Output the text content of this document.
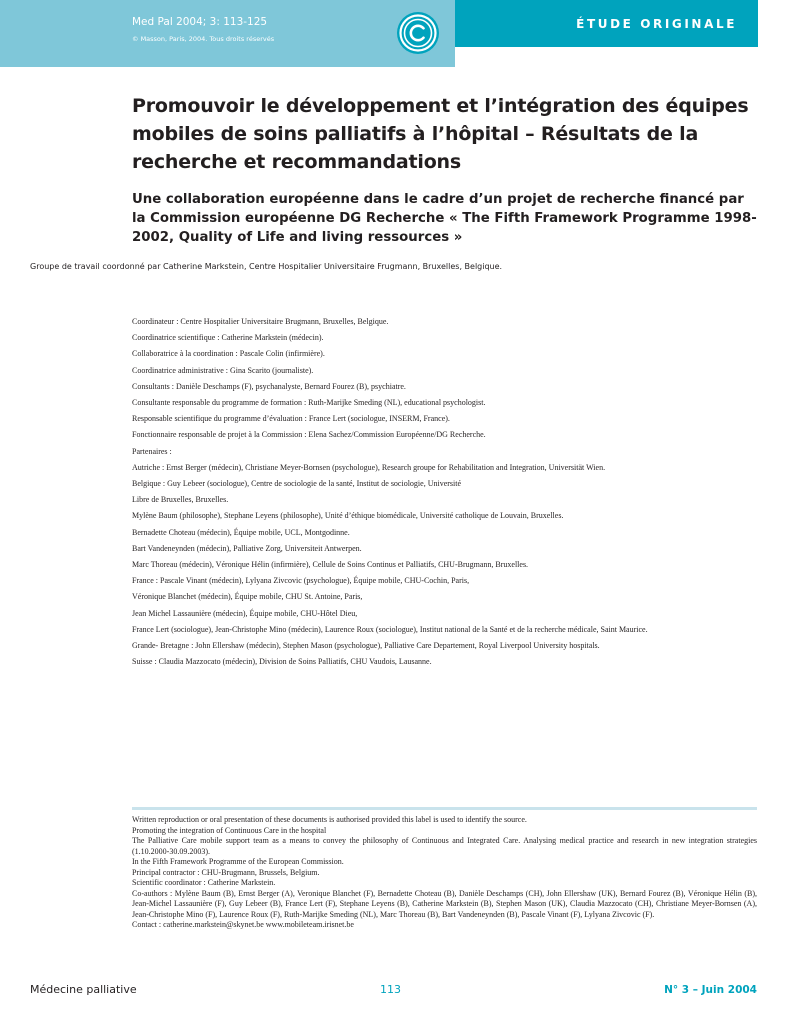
Med Pal 2004; 3: 113-125
© Masson, Paris, 2004. Tous droits réservés
ÉTUDE ORIGINALE
Promouvoir le développement et l’intégration des équipes mobiles de soins palliatifs à l’hôpital – Résultats de la recherche et recommandations
Une collaboration européenne dans le cadre d’un projet de recherche financé par la Commission européenne DG Recherche « The Fifth Framework Programme 1998-2002, Quality of Life and living ressources »
Groupe de travail coordonné par Catherine Markstein, Centre Hospitalier Universitaire Frugmann, Bruxelles, Belgique.
Coordinateur : Centre Hospitalier Universitaire Brugmann, Bruxelles, Belgique.
Coordinatrice scientifique : Catherine Markstein (médecin).
Collaboratrice à la coordination : Pascale Colin (infirmière).
Coordinatrice administrative : Gina Scarito (journaliste).
Consultants : Danièle Deschamps (F), psychanalyste, Bernard Fourez (B), psychiatre.
Consultante responsable du programme de formation : Ruth-Marijke Smeding (NL), educational psychologist.
Responsable scientifique du programme d’évaluation : France Lert (sociologue, INSERM, France).
Fonctionnaire responsable de projet à la Commission : Elena Sachez/Commission Européenne/DG Recherche.
Partenaires :
Autriche : Ernst Berger (médecin), Christiane Meyer-Bornsen (psychologue), Research groupe for Rehabilitation and Integration, Universität Wien.
Belgique : Guy Lebeer (sociologue), Centre de sociologie de la santé, Institut de sociologie, Université
Libre de Bruxelles, Bruxelles.
Mylène Baum (philosophe), Stephane Leyens (philosophe), Unité d’éthique biomédicale, Université catholique de Louvain, Bruxelles.
Bernadette Choteau (médecin), Équipe mobile, UCL, Montgodinne.
Bart Vandeneynden (médecin), Palliative Zorg, Universiteit Antwerpen.
Marc Thoreau (médecin), Véronique Hélin (infirmière), Cellule de Soins Continus et Palliatifs, CHU-Brugmann, Bruxelles.
France : Pascale Vinant (médecin), Lylyana Zivcovic (psychologue), Équipe mobile, CHU-Cochin, Paris,
Véronique Blanchet (médecin), Équipe mobile, CHU St. Antoine, Paris,
Jean Michel Lassaunière (médecin), Équipe mobile, CHU-Hôtel Dieu,
France Lert (sociologue), Jean-Christophe Mino (médecin), Laurence Roux (sociologue), Institut national de la Santé et de la recherche médicale, Saint Maurice.
Grande- Bretagne : John Ellershaw (médecin), Stephen Mason (psychologue), Palliative Care Departement, Royal Liverpool University hospitals.
Suisse : Claudia Mazzocato (médecin), Division de Soins Palliatifs, CHU Vaudois, Lausanne.

Written reproduction or oral presentation of these documents is authorised provided this label is used to identify the source.

Promoting the integration of Continuous Care in the hospital

The Palliative Care mobile support team as a means to convey the philosophy of Continuous and Integrated Care. Analysing medical practice and research in new integration strategies (1.10.2000-30.09.2003).

In the Fifth Framework Programme of the European Commission.

Principal contractor : CHU-Brugmann, Brussels, Belgium.

Scientific coordinator : Catherine Markstein.

Co-authors : Mylène Baum (B), Ernst Berger (A), Veronique Blanchet (F), Bernadette Choteau (B), Danièle Deschamps (CH), John Ellershaw (UK), Bernard Fourez (B), Véronique Hélin (B), Jean-Michel Lassaunière (F), Guy Lebeer (B), France Lert (F), Stephane Leyens (B), Catherine Markstein (B), Stephen Mason (UK), Claudia Mazzocato (CH), Christiane Meyer-Bornsen (A), Jean-Christophe Mino (F), Laurence Roux (F), Ruth-Marijke Smeding (NL), Marc Thoreau (B), Bart Vandeneynden (B), Pascale Vinant (F), Lylyana Zivcovic (F).

Contact : catherine.markstein@skynet.be www.mobileteam.irisnet.be

Médecine palliative	113	N° 3 – Juin 2004
